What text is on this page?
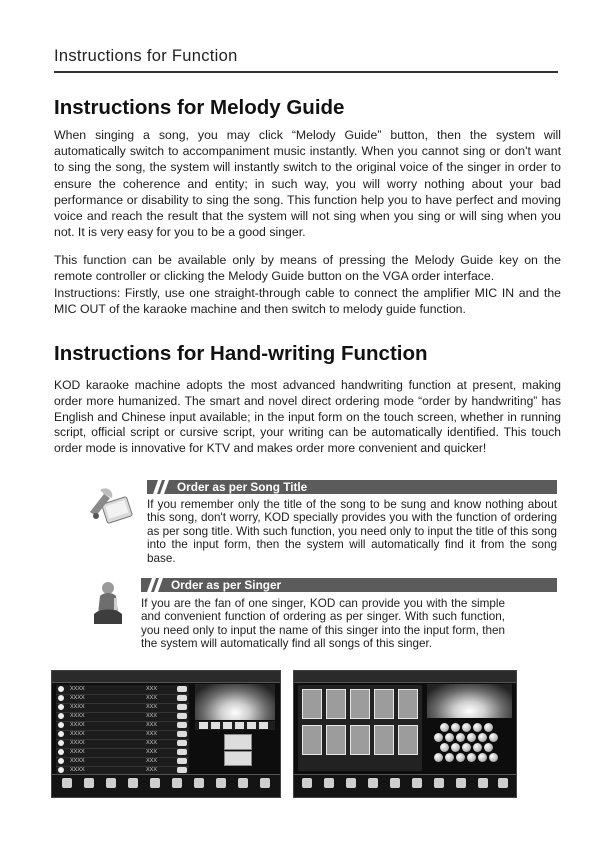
Instructions for Function
Instructions for Melody Guide

When singing a song, you may click “Melody Guide” button, then the system will automatically switch to accompaniment music instantly. When you cannot sing or don't want to sing the song, the system will instantly switch to the original voice of the singer in order to ensure the coherence and entity; in such way, you will worry nothing about your bad performance or disability to sing the song. This function help you to have perfect and moving voice and reach the result that the system will not sing when you sing or will sing when you not. It is very easy for you to be a good singer.

This function can be available only by means of pressing the Melody Guide key on the remote controller or clicking the Melody Guide button on the VGA order interface.

Instructions: Firstly, use one straight-through cable to connect the amplifier MIC IN and the MIC OUT of the karaoke machine and then switch to melody guide function.

Instructions for Hand-writing Function

KOD karaoke machine adopts the most advanced handwriting function at present, making order more humanized. The smart and novel direct ordering mode “order by handwriting” has English and Chinese input available; in the input form on the touch screen, whether in running script, official script or cursive script, your writing can be automatically identified. This touch order mode is innovative for KTV and makes order more convenient and quicker!

Order as per Song Title

If you remember only the title of the song to be sung and know nothing about this song, don't worry, KOD specially provides you with the function of ordering as per song title. With such function, you need only to input the title of this song into the input form, then the system will automatically find it from the song base.

Order as per Singer

If you are the fan of one singer, KOD can provide you with the simple and convenient function of ordering as per singer. With such function, you need only to input the name of this singer into the input form, then the system will automatically find all songs of this singer.

XXXX	XXX
XXXX	XXX
XXXX	XXX
XXXX	XXX
XXXX	XXX
XXXX	XXX
XXXX	XXX
XXXX	XXX
XXXX	XXX
XXXX	XXX
